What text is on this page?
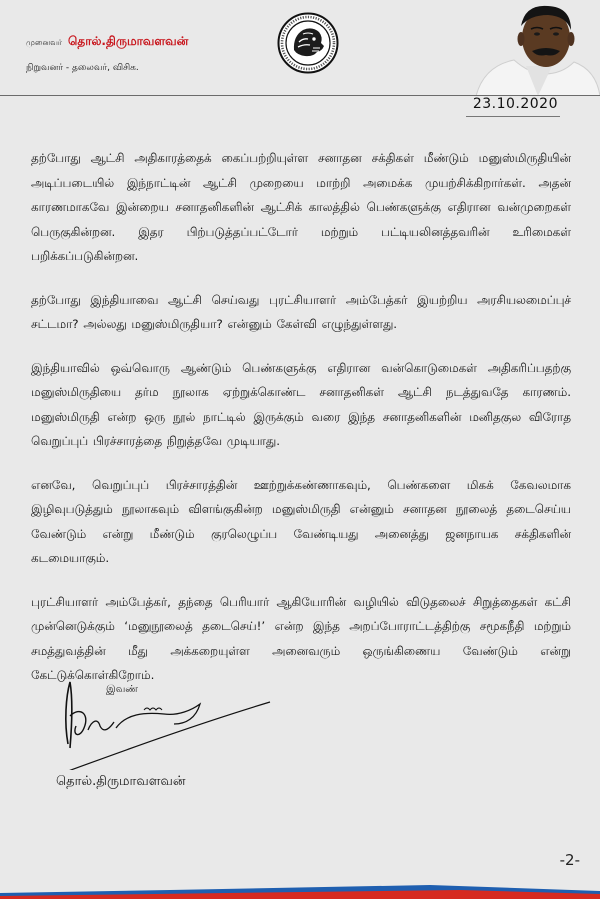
முனைவர் தொல்.திருமாவளவன்
நிறுவனர் - தலைவர், விசிக.
23.10.2020

தற்போது ஆட்சி அதிகாரத்தைக் கைப்பற்றியுள்ள சனாதன சக்திகள் மீண்டும் மனுஸ்மிருதியின் அடிப்படையில் இந்நாட்டின் ஆட்சி முறையை மாற்றி அமைக்க முயற்சிக்கிறார்கள். அதன் காரணமாகவே இன்றைய சனாதனிகளின் ஆட்சிக் காலத்தில் பெண்களுக்கு எதிரான வன்முறைகள் பெருகுகின்றன. இதர பிற்படுத்தப்பட்டோர் மற்றும் பட்டியலினத்தவரின் உரிமைகள் பறிக்கப்படுகின்றன.

தற்போது இந்தியாவை ஆட்சி செய்வது புரட்சியாளர் அம்பேத்கர் இயற்றிய அரசியலமைப்புச் சட்டமா? அல்லது மனுஸ்மிருதியா? என்னும் கேள்வி எழுந்துள்ளது.

இந்தியாவில் ஒவ்வொரு ஆண்டும் பெண்களுக்கு எதிரான வன்கொடுமைகள் அதிகரிப்பதற்கு மனுஸ்மிருதியை தர்ம நூலாக ஏற்றுக்கொண்ட சனாதனிகள் ஆட்சி நடத்துவதே காரணம். மனுஸ்மிருதி என்ற ஒரு நூல் நாட்டில் இருக்கும் வரை இந்த சனாதனிகளின் மனிதகுல விரோத வெறுப்புப் பிரச்சாரத்தை நிறுத்தவே முடியாது.

எனவே, வெறுப்புப் பிரச்சாரத்தின் ஊற்றுக்கண்ணாகவும், பெண்களை மிகக் கேவலமாக இழிவுபடுத்தும் நூலாகவும் விளங்குகின்ற மனுஸ்மிருதி என்னும் சனாதன நூலைத் தடைசெய்ய வேண்டும் என்று மீண்டும் குரலெழுப்ப வேண்டியது அனைத்து ஜனநாயக சக்திகளின் கடமையாகும்.

புரட்சியாளர் அம்பேத்கர், தந்தை பெரியார் ஆகியோரின் வழியில் விடுதலைச் சிறுத்தைகள் கட்சி முன்னெடுக்கும் ‘மனுநூலைத் தடைசெய்!’ என்ற இந்த அறப்போராட்டத்திற்கு சமூகநீதி மற்றும் சமத்துவத்தின் மீது அக்கறையுள்ள அனைவரும் ஒருங்கிணைய வேண்டும் என்று கேட்டுக்கொள்கிறோம்.

இவண்
தொல்.திருமாவளவன்
-2-
